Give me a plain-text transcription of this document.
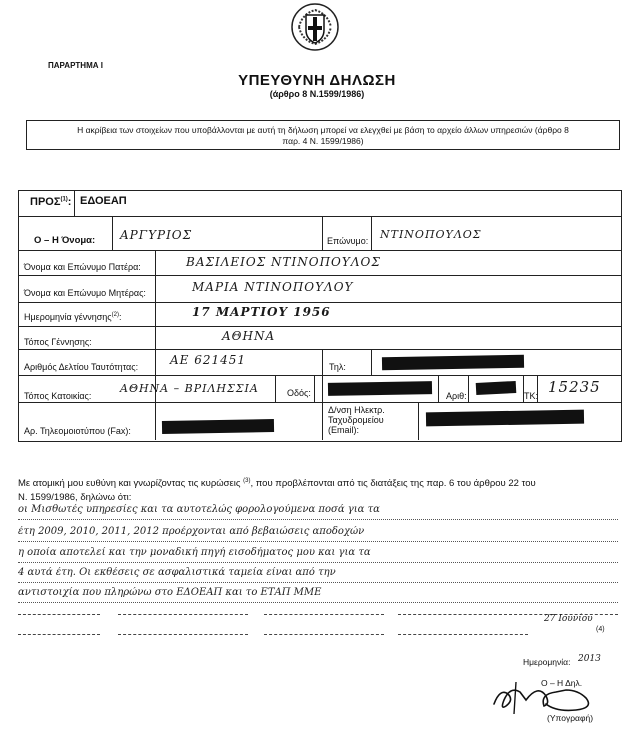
ΠΑΡΑΡΤΗΜΑ Ι
ΥΠΕΥΘΥΝΗ ΔΗΛΩΣΗ
(άρθρο 8 Ν.1599/1986)
Η ακρίβεια των στοιχείων που υποβάλλονται με αυτή τη δήλωση μπορεί να ελεγχθεί με βάση το αρχείο άλλων υπηρεσιών (άρθρο 8
παρ. 4 Ν. 1599/1986)
ΠΡΟΣ$^{(1)}$: ΕΔΟΕΑΠ
Ο – Η Όνομα: ΑΡΓΥΡΙΟΣ	Επώνυμο: ΝΤΙΝΟΠΟΥΛΟΣ
Όνομα και Επώνυμο Πατέρα:	ΒΑΣΙΛΕΙΟΣ ΝΤΙΝΟΠΟΥΛΟΣ
Όνομα και Επώνυμο Μητέρας:	ΜΑΡΙΑ ΝΤΙΝΟΠΟΥΛΟΥ
Ημερομηνία γέννησης$^{(2)}$:	17 ΜΑΡΤΙΟΥ 1956
Τόπος Γέννησης:	ΑΘΗΝΑ
Αριθμός Δελτίου Ταυτότητας:	ΑΕ 621451	Τηλ:
Τόπος Κατοικίας:
ΑΘΗΝΑ – ΒΡΙΛΗΣΣΙΑ	Οδός:	Αριθ:	ΤΚ: 15235
Αρ. Τηλεομοιοτύπου (Fax):
Δ/νση Ηλεκτρ.
Ταχυδρομείου
(Email):
Με ατομική μου ευθύνη και γνωρίζοντας τις κυρώσεις $^{(3)}$, που προβλέπονται από τις διατάξεις της παρ. 6 του άρθρου 22 του
Ν. 1599/1986, δηλώνω ότι:
οι Μισθωτές υπηρεσίες και τα αυτοτελώς φορολογούμενα ποσά για τα
έτη 2009, 2010, 2011, 2012 προέρχονται από βεβαιώσεις αποδοχών
η οποία αποτελεί και την μοναδική πηγή εισοδήματος μου και για τα
4 αυτά έτη. Οι εκθέσεις σε ασφαλιστικά ταμεία είναι από την
αντιστοιχία που πληρώνω στο ΕΔΟΕΑΠ και το ΕΤΑΠ ΜΜΕ
27 Ιουνίου
(4)
Ημερομηνία: 2013
Ο – Η Δηλ.
(Υπογραφή)
